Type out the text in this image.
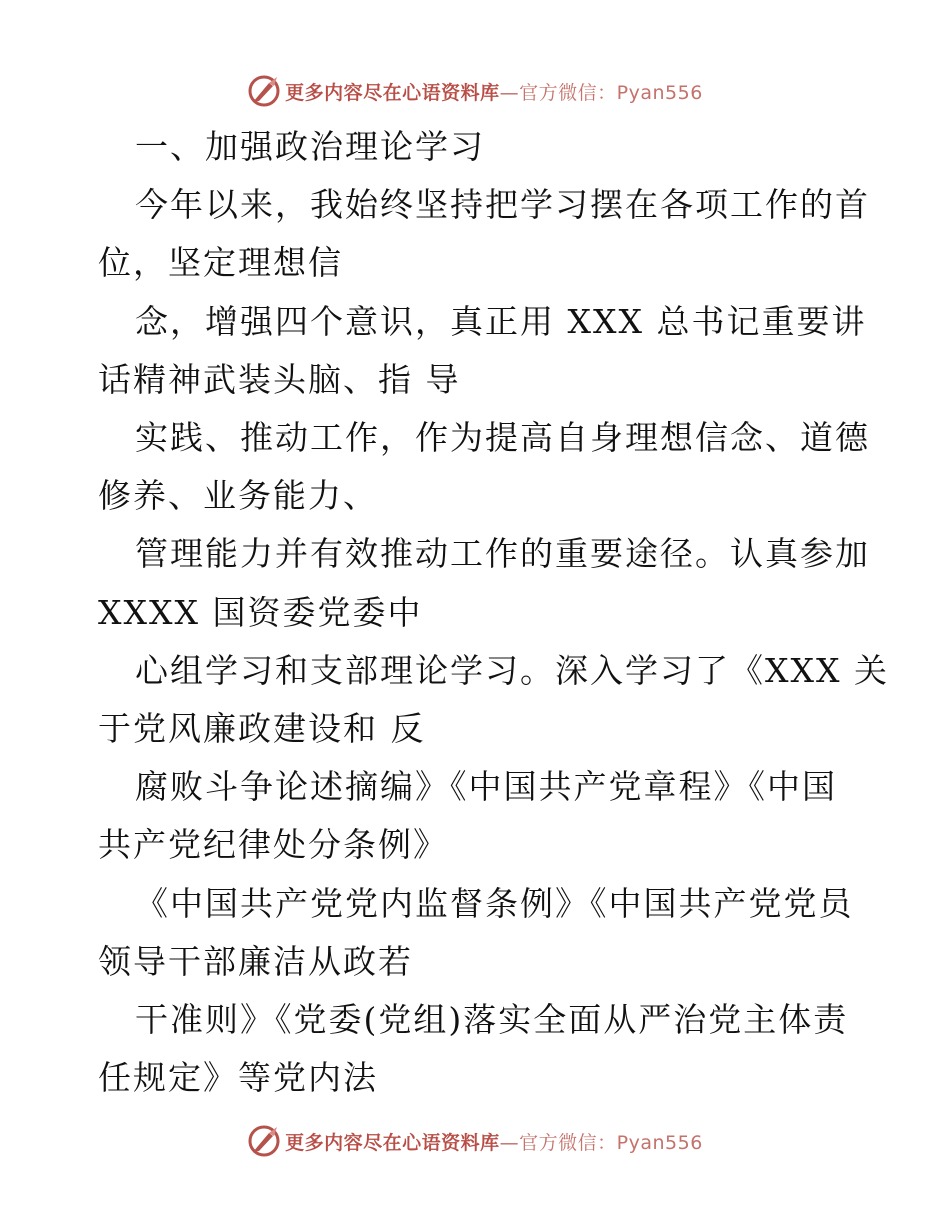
更多内容尽在心语资料库—官方微信：Pyan556
一、加强政治理论学习
今年以来，我始终坚持把学习摆在各项工作的首
位，坚定理想信
念，增强四个意识，真正用 XXX 总书记重要讲
话精神武装头脑、指 导
实践、推动工作，作为提高自身理想信念、道德
修养、业务能力、
管理能力并有效推动工作的重要途径。认真参加
XXXX 国资委党委中
心组学习和支部理论学习。深入学习了《XXX 关
于党风廉政建设和 反
腐败斗争论述摘编》《中国共产党章程》《中国
共产党纪律处分条例》
《中国共产党党内监督条例》《中国共产党党员
领导干部廉洁从政若
干准则》《党委(党组)落实全面从严治党主体责
任规定》等党内法
更多内容尽在心语资料库—官方微信：Pyan556
